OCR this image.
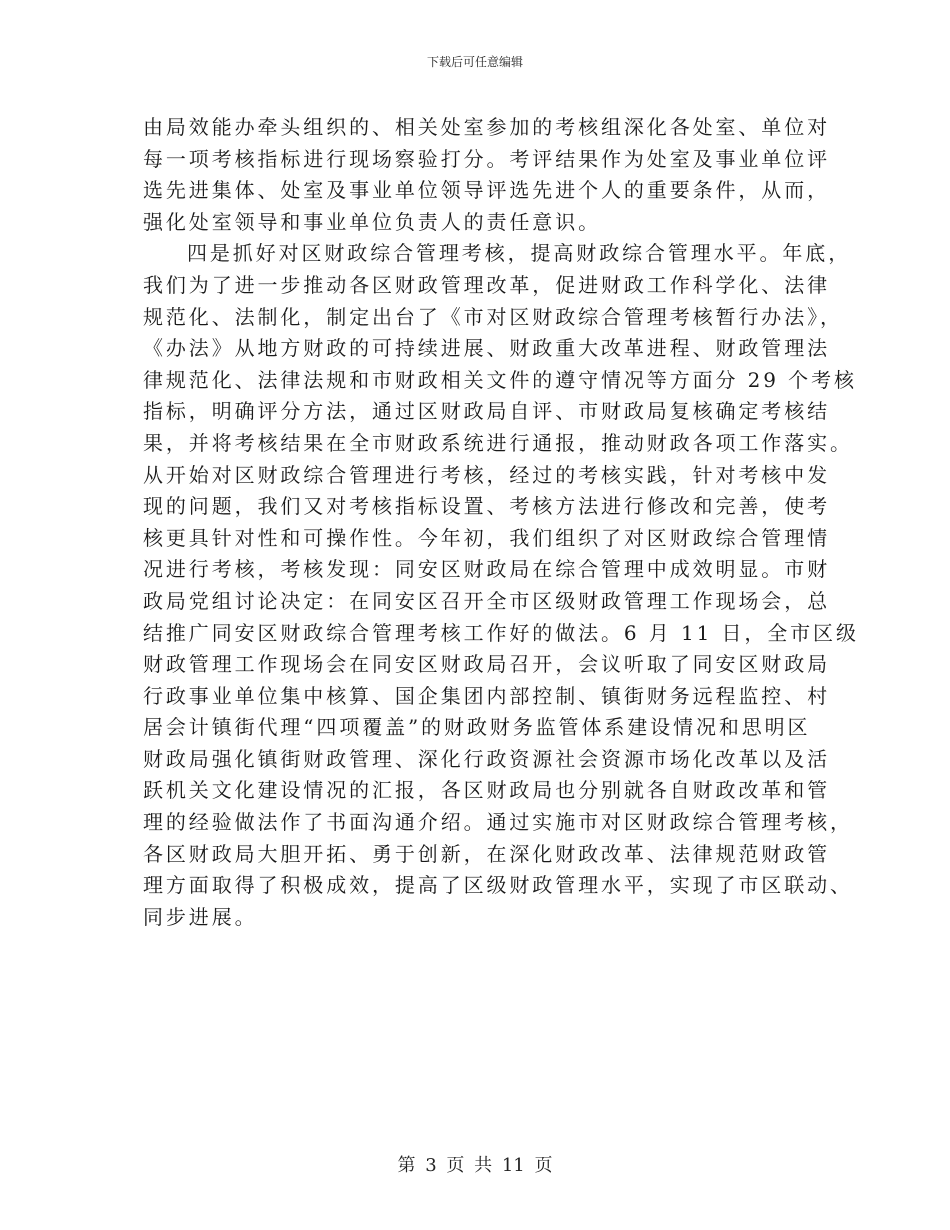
下载后可任意编辑
由局效能办牵头组织的、相关处室参加的考核组深化各处室、单位对
每一项考核指标进行现场察验打分。考评结果作为处室及事业单位评
选先进集体、处室及事业单位领导评选先进个人的重要条件，从而，
强化处室领导和事业单位负责人的责任意识。
四是抓好对区财政综合管理考核，提高财政综合管理水平。年底，
我们为了进一步推动各区财政管理改革，促进财政工作科学化、法律
规范化、法制化，制定出台了《市对区财政综合管理考核暂行办法》，
《办法》从地方财政的可持续进展、财政重大改革进程、财政管理法
律规范化、法律法规和市财政相关文件的遵守情况等方面分 29 个考核
指标，明确评分方法，通过区财政局自评、市财政局复核确定考核结
果，并将考核结果在全市财政系统进行通报，推动财政各项工作落实。
从开始对区财政综合管理进行考核，经过的考核实践，针对考核中发
现的问题，我们又对考核指标设置、考核方法进行修改和完善，使考
核更具针对性和可操作性。今年初，我们组织了对区财政综合管理情
况进行考核，考核发现：同安区财政局在综合管理中成效明显。市财
政局党组讨论决定：在同安区召开全市区级财政管理工作现场会，总
结推广同安区财政综合管理考核工作好的做法。6 月 11 日，全市区级
财政管理工作现场会在同安区财政局召开，会议听取了同安区财政局
行政事业单位集中核算、国企集团内部控制、镇街财务远程监控、村
居会计镇街代理“四项覆盖”的财政财务监管体系建设情况和思明区
财政局强化镇街财政管理、深化行政资源社会资源市场化改革以及活
跃机关文化建设情况的汇报，各区财政局也分别就各自财政改革和管
理的经验做法作了书面沟通介绍。通过实施市对区财政综合管理考核，
各区财政局大胆开拓、勇于创新，在深化财政改革、法律规范财政管
理方面取得了积极成效，提高了区级财政管理水平，实现了市区联动、
同步进展。
第 3 页 共 11 页
